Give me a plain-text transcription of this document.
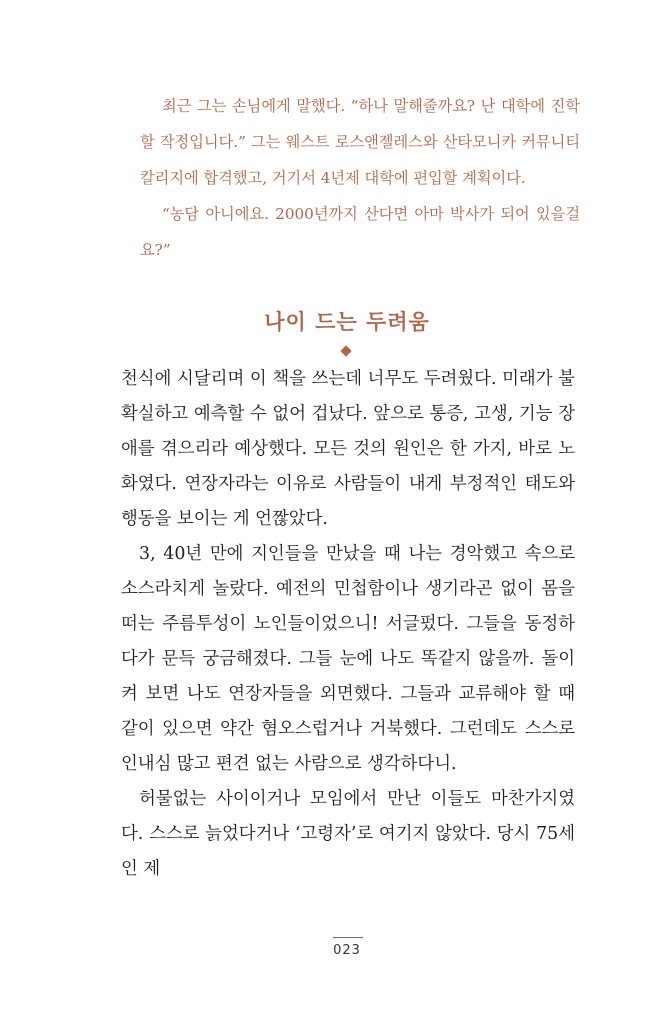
최근 그는 손님에게 말했다. “하나 말해줄까요? 난 대학에 진학할 작정입니다.” 그는 웨스트 로스앤젤레스와 산타모니카 커뮤니티 칼리지에 합격했고, 거기서 4년제 대학에 편입할 계획이다.

“농담 아니에요. 2000년까지 산다면 아마 박사가 되어 있을걸요?”

나이 드는 두려움

천식에 시달리며 이 책을 쓰는데 너무도 두려웠다. 미래가 불확실하고 예측할 수 없어 겁났다. 앞으로 통증, 고생, 기능 장애를 겪으리라 예상했다. 모든 것의 원인은 한 가지, 바로 노화였다. 연장자라는 이유로 사람들이 내게 부정적인 태도와 행동을 보이는 게 언짢았다.

3, 40년 만에 지인들을 만났을 때 나는 경악했고 속으로 소스라치게 놀랐다. 예전의 민첩함이나 생기라곤 없이 몸을 떠는 주름투성이 노인들이었으니! 서글펐다. 그들을 동정하다가 문득 궁금해졌다. 그들 눈에 나도 똑같지 않을까. 돌이켜 보면 나도 연장자들을 외면했다. 그들과 교류해야 할 때 같이 있으면 약간 혐오스럽거나 거북했다. 그런데도 스스로 인내심 많고 편견 없는 사람으로 생각하다니.

허물없는 사이이거나 모임에서 만난 이들도 마찬가지였다. 스스로 늙었다거나 ‘고령자’로 여기지 않았다. 당시 75세인 제

023
